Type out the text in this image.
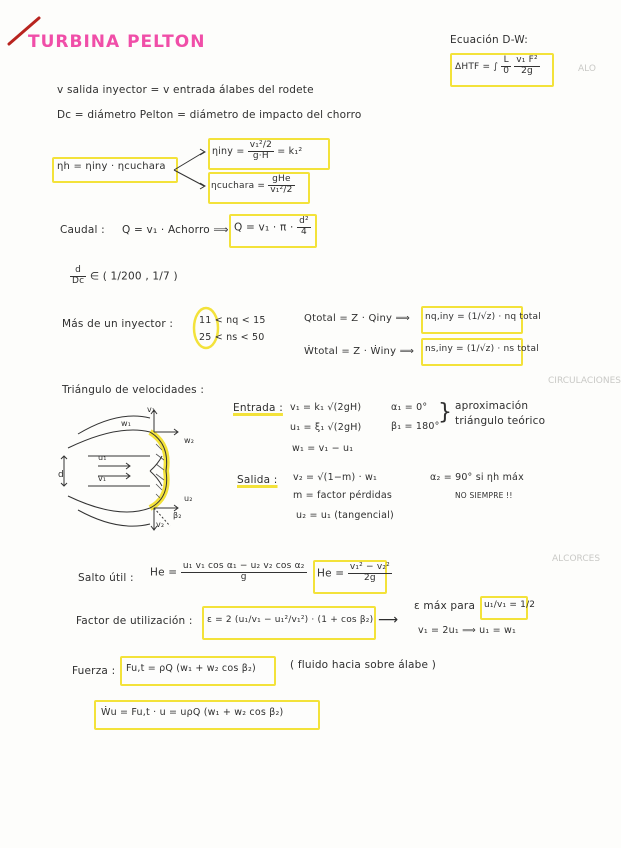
ALO
CIRCULACIONES
ALCORCES
TURBINA PELTON	Ecuación D-W:
ΔHTF = ∫ $\frac{L}{0}$
$\frac{\text{v₁ F²}}{2g}$
v salida inyector = v entrada álabes del rodete
Dc = diámetro Pelton = diámetro de impacto del chorro
ηh = ηiny · ηcuchara
$\eta iny = \frac{\text{v₁²/2}}{g\cdot H} = k_1^2$
ηcuchara = $\frac{\text{gHe}}{\text{v₁²/2}}$
Caudal : Q = v₁ · Achorro ⟹ $Q = v_1 \cdot \pi \cdot \frac{\text{d²}}{4}$
$\frac{d}{Dc}$ ∈ ( 1/200 , 1/7 )
Más de un inyector :	11 < nq < 15
25 < ns < 50
Qtotal = Z · Qiny ⟹ nq,iny = (1/√z) · nq total
Ẇtotal = Z · Ẇiny ⟹ ns,iny = (1/√z) · ns total
Triángulo de velocidades :
v₁
w₁
w₂
u₁
v₁
d
u₂
v₂
β₂
Entrada : v₁ = k₁ √(2gH)
u₁ = ξ₁ √(2gH)
w₁ = v₁ − u₁
α₁ = 0°
β₁ = 180°
} aproximación
triángulo teórico
Salida : v₂ = √(1−m) · w₁
m = factor pérdidas
u₂ = u₁ (tangencial)
α₂ = 90° si ηh máx
NO SIEMPRE !!
Salto útil : $He = \frac{\text{u₁ v₁ cos α₁ − u₂ v₂ cos α₂}}{g}$ $He = \frac{\text{v₁² − v₂²}}{2g}$
Factor de utilización : ε = 2 (u₁/v₁ − u₁²/v₁²) · (1 + cos β₂) ⟶
ε máx para u₁/v₁ = 1/2
v₁ = 2u₁ ⟹ u₁ = w₁
Fuerza : Fu,t = ρQ (w₁ + w₂ cos β₂)	( fluido hacia sobre álabe )
Ẇu = Fu,t · u = uρQ (w₁ + w₂ cos β₂)
